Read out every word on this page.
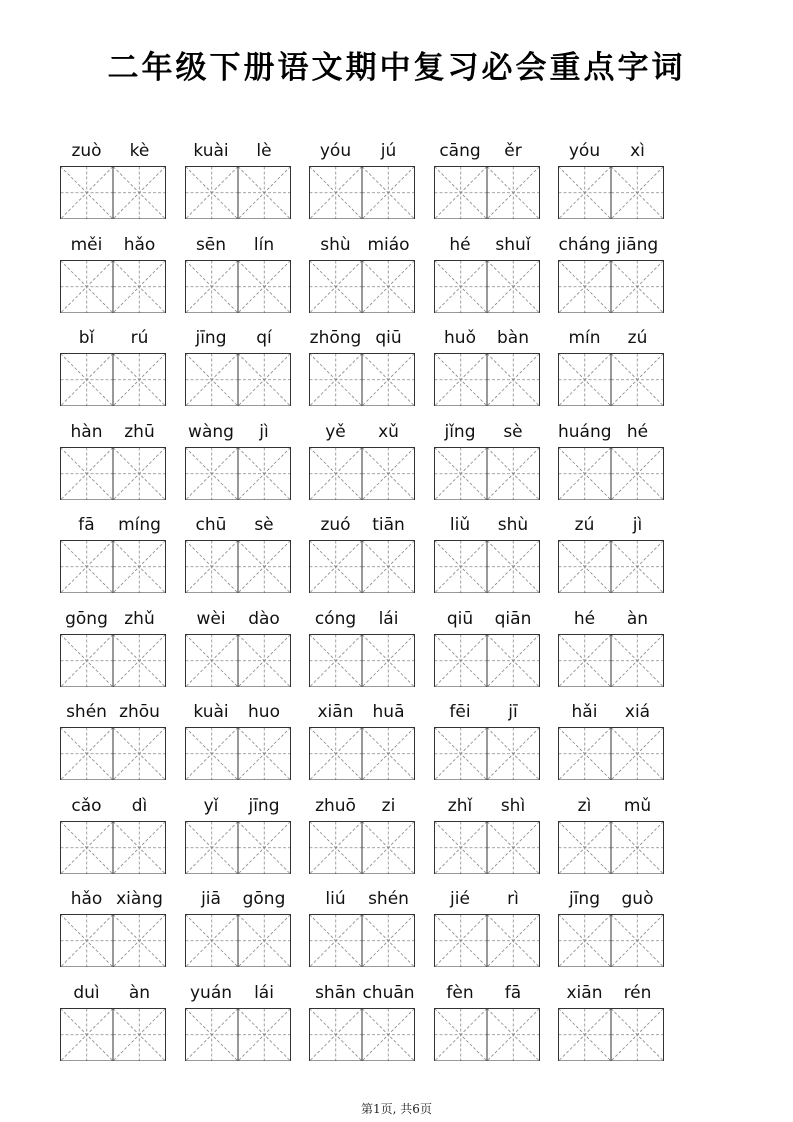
二年级下册语文期中复习必会重点字词
zuò	kè	kuài	lè	yóu	jú	cāng	ěr	yóu	xì
měi	hǎo	sēn	lín	shù miáo	hé	shuǐ	cháng jiāng
bǐ	rú	jīng	qí	zhōng qiū	huǒ	bàn	mín	zú
hàn	zhū	wàng	jì	yě	xǔ	jǐng	sè	huáng hé
fā	míng	chū	sè	zuó	tiān	liǔ	shù	zú	jì
gōng zhǔ	wèi	dào	cóng	lái	qiū	qiān	hé	àn
shén zhōu	kuài	huo	xiān	huā	fēi	jī	hǎi	xiá
cǎo	dì	yǐ	jīng	zhuō	zi	zhǐ	shì	zì	mǔ
hǎo xiàng	jiā	gōng	liú	shén	jié	rì	jīng	guò
duì	àn	yuán	lái	shān chuān	fèn	fā	xiān	rén
第1页, 共6页
